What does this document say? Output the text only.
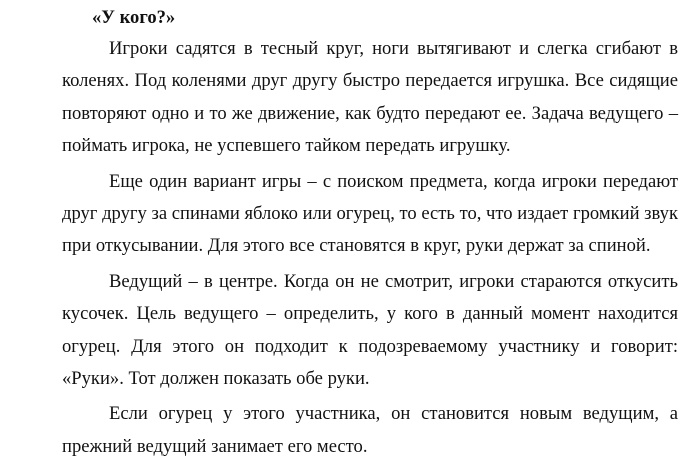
«У кого?»

Игроки садятся в тесный круг, ноги вытягивают и слегка сгибают в коленях. Под коленями друг другу быстро передается игрушка. Все сидящие повторяют одно и то же движение, как будто передают ее. Задача ведущего – поймать игрока, не успевшего тайком передать игрушку.

Еще один вариант игры – с поиском предмета, когда игроки передают друг другу за спинами яблоко или огурец, то есть то, что издает громкий звук при откусывании. Для этого все становятся в круг, руки держат за спиной.

Ведущий – в центре. Когда он не смотрит, игроки стараются откусить кусочек. Цель ведущего – определить, у кого в данный момент находится огурец. Для этого он подходит к подозреваемому участнику и говорит: «Руки». Тот должен показать обе руки.

Если огурец у этого участника, он становится новым ведущим, а прежний ведущий занимает его место.
